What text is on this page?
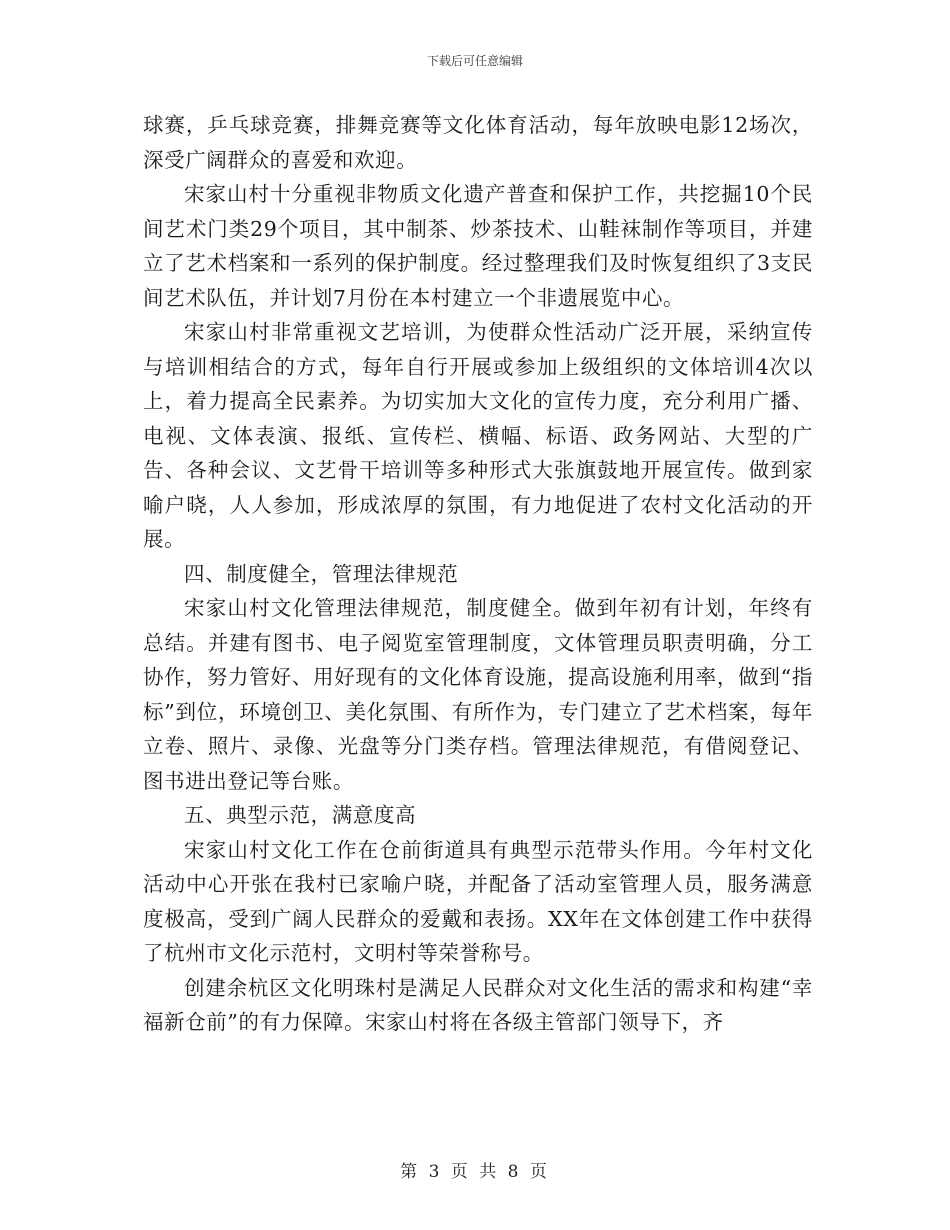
下载后可任意编辑

球赛，乒乓球竞赛，排舞竞赛等文化体育活动，每年放映电影12场次，深受广阔群众的喜爱和欢迎。

宋家山村十分重视非物质文化遗产普查和保护工作，共挖掘10个民间艺术门类29个项目，其中制茶、炒茶技术、山鞋袜制作等项目，并建立了艺术档案和一系列的保护制度。经过整理我们及时恢复组织了3支民间艺术队伍，并计划7月份在本村建立一个非遗展览中心。

宋家山村非常重视文艺培训，为使群众性活动广泛开展，采纳宣传与培训相结合的方式，每年自行开展或参加上级组织的文体培训4次以上，着力提高全民素养。为切实加大文化的宣传力度，充分利用广播、电视、文体表演、报纸、宣传栏、横幅、标语、政务网站、大型的广告、各种会议、文艺骨干培训等多种形式大张旗鼓地开展宣传。做到家喻户晓，人人参加，形成浓厚的氛围，有力地促进了农村文化活动的开展。

四、制度健全，管理法律规范

宋家山村文化管理法律规范，制度健全。做到年初有计划，年终有总结。并建有图书、电子阅览室管理制度，文体管理员职责明确，分工协作，努力管好、用好现有的文化体育设施，提高设施利用率，做到“指标”到位，环境创卫、美化氛围、有所作为，专门建立了艺术档案，每年立卷、照片、录像、光盘等分门类存档。管理法律规范，有借阅登记、图书进出登记等台账。

五、典型示范，满意度高

宋家山村文化工作在仓前街道具有典型示范带头作用。今年村文化活动中心开张在我村已家喻户晓，并配备了活动室管理人员，服务满意度极高，受到广阔人民群众的爱戴和表扬。XX年在文体创建工作中获得了杭州市文化示范村，文明村等荣誉称号。

创建余杭区文化明珠村是满足人民群众对文化生活的需求和构建“幸福新仓前”的有力保障。宋家山村将在各级主管部门领导下，齐

第 3 页 共 8 页
